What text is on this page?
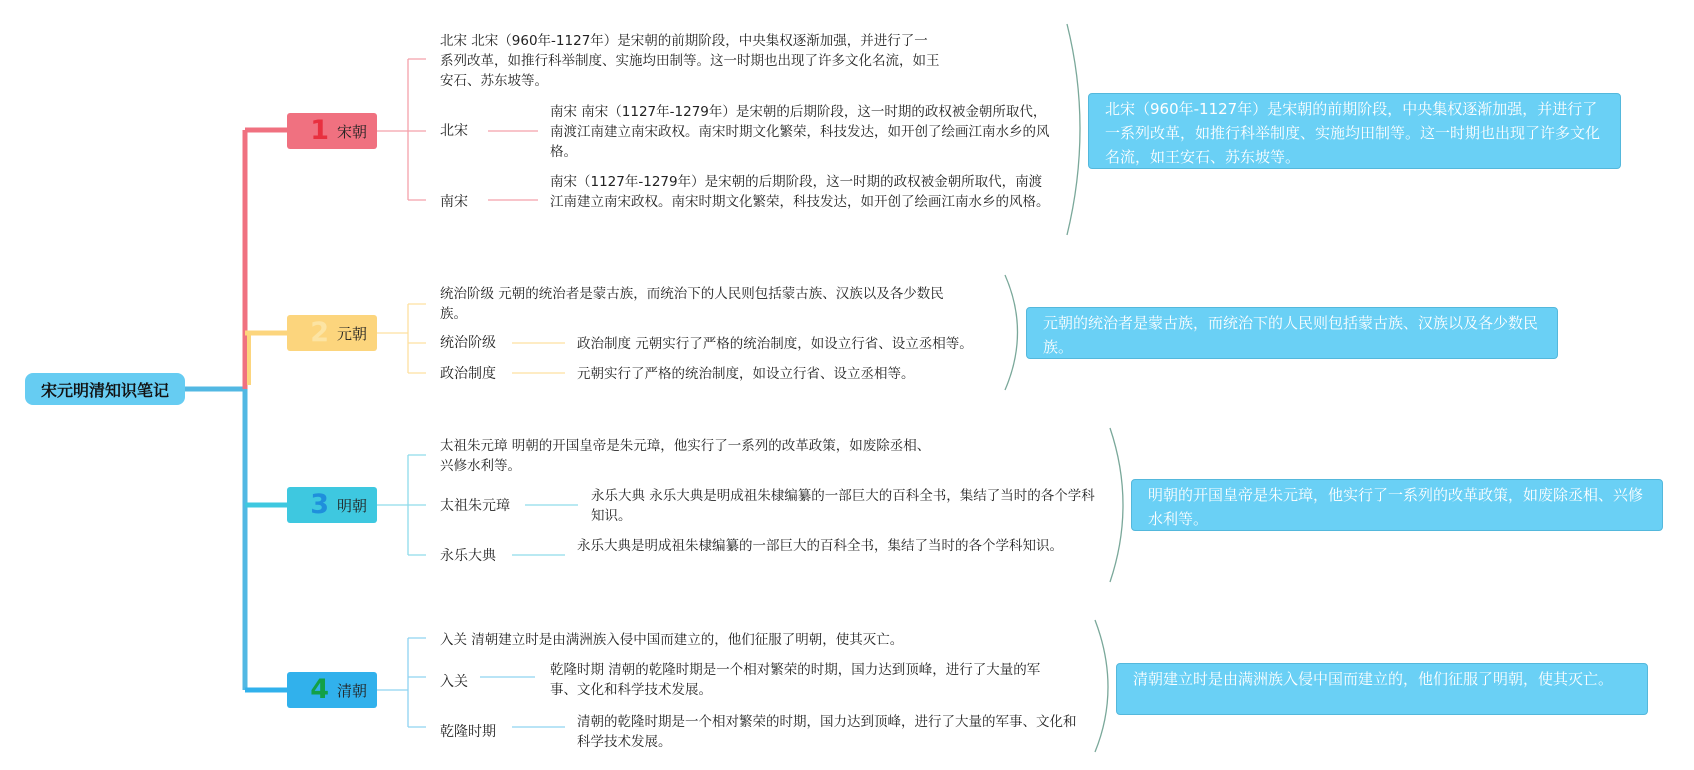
宋元明清知识笔记
1 宋朝
北宋 北宋（960年-1127年）是宋朝的前期阶段，中央集权逐渐加强，并进行了一系列改革，如推行科举制度、实施均田制等。这一时期也出现了许多文化名流，如王安石、苏东坡等。
北宋
南宋 南宋（1127年-1279年）是宋朝的后期阶段，这一时期的政权被金朝所取代，南渡江南建立南宋政权。南宋时期文化繁荣，科技发达，如开创了绘画江南水乡的风格。
南宋
南宋（1127年-1279年）是宋朝的后期阶段，这一时期的政权被金朝所取代，南渡江南建立南宋政权。南宋时期文化繁荣，科技发达，如开创了绘画江南水乡的风格。
北宋（960年-1127年）是宋朝的前期阶段，中央集权逐渐加强，并进行了一系列改革，如推行科举制度、实施均田制等。这一时期也出现了许多文化名流，如王安石、苏东坡等。
2 元朝
统治阶级 元朝的统治者是蒙古族，而统治下的人民则包括蒙古族、汉族以及各少数民族。
统治阶级	政治制度 元朝实行了严格的统治制度，如设立行省、设立丞相等。
政治制度	元朝实行了严格的统治制度，如设立行省、设立丞相等。
元朝的统治者是蒙古族，而统治下的人民则包括蒙古族、汉族以及各少数民族。
3 明朝
太祖朱元璋 明朝的开国皇帝是朱元璋，他实行了一系列的改革政策，如废除丞相、兴修水利等。
太祖朱元璋
永乐大典 永乐大典是明成祖朱棣编纂的一部巨大的百科全书，集结了当时的各个学科知识。
永乐大典
永乐大典是明成祖朱棣编纂的一部巨大的百科全书，集结了当时的各个学科知识。
明朝的开国皇帝是朱元璋，他实行了一系列的改革政策，如废除丞相、兴修水利等。
4 清朝
入关 清朝建立时是由满洲族入侵中国而建立的，他们征服了明朝，使其灭亡。
入关
乾隆时期 清朝的乾隆时期是一个相对繁荣的时期，国力达到顶峰，进行了大量的军事、文化和科学技术发展。
乾隆时期
清朝的乾隆时期是一个相对繁荣的时期，国力达到顶峰，进行了大量的军事、文化和科学技术发展。
清朝建立时是由满洲族入侵中国而建立的，他们征服了明朝，使其灭亡。
